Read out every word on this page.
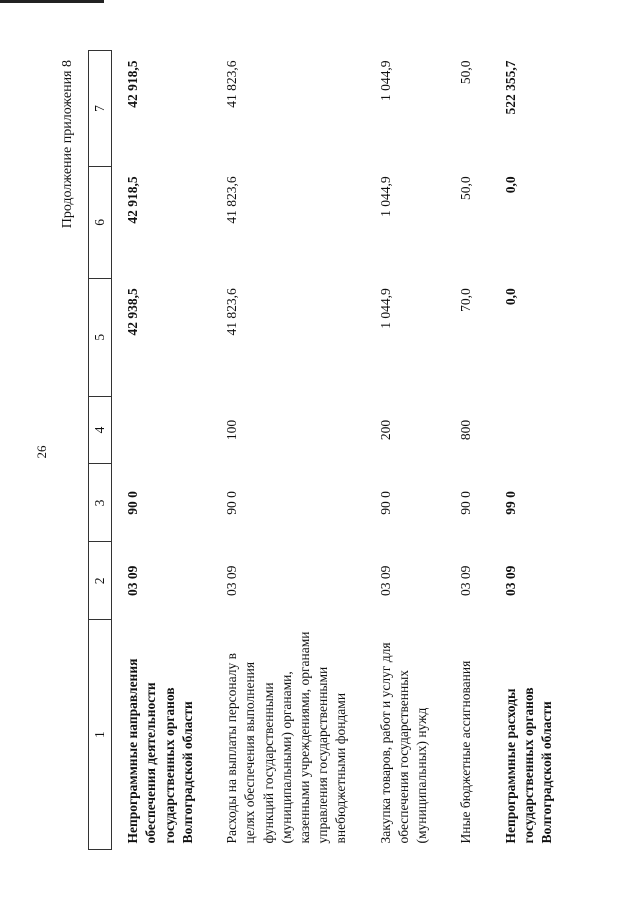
26
Продолжение приложения 8
1	2	3	4	5	6	7
Непрограммные направления обеспечения деятельности государственных органов Волгоградской области	03 09	90 0		42 938,5	42 918,5	42 918,5
Расходы на выплаты персоналу в целях обеспечения выполнения функций государственными (муниципальными) органами, казенными учреждениями, органами управления государственными внебюджетными фондами	03 09	90 0	100	41 823,6	41 823,6	41 823,6
Закупка товаров, работ и услуг для обеспечения государственных (муниципальных) нужд	03 09	90 0	200	1 044,9	1 044,9	1 044,9
Иные бюджетные ассигнования	03 09	90 0	800	70,0	50,0	50,0
Непрограммные расходы государственных органов Волгоградской области	03 09	99 0		0,0	0,0	522 355,7
